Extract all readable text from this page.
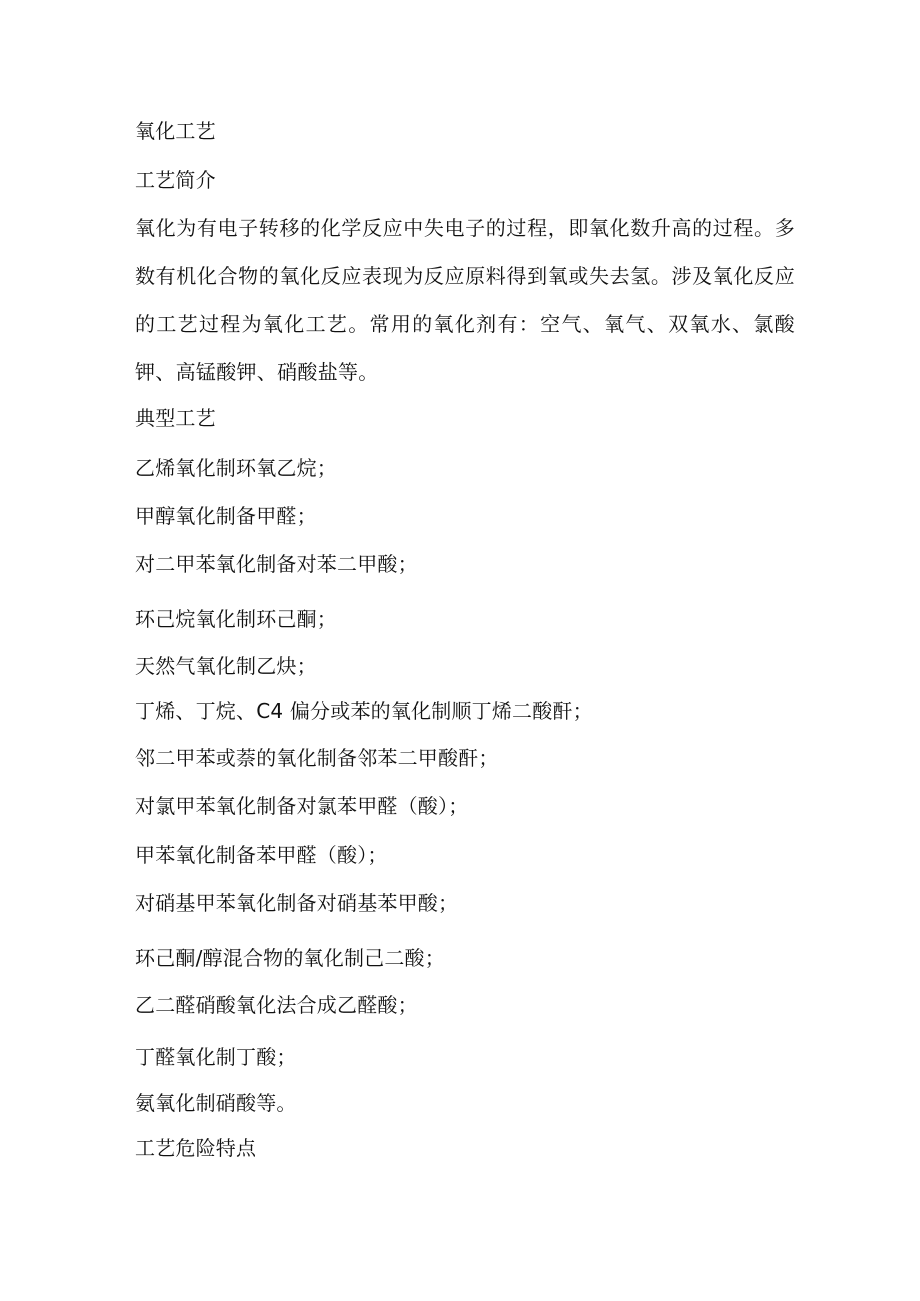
氧化工艺
工艺简介
氧化为有电子转移的化学反应中失电子的过程，即氧化数升高的过程。多数有机化合物的氧化反应表现为反应原料得到氧或失去氢。涉及氧化反应的工艺过程为氧化工艺。常用的氧化剂有：空气、氧气、双氧水、氯酸钾、高锰酸钾、硝酸盐等。
典型工艺
乙烯氧化制环氧乙烷；
甲醇氧化制备甲醛；
对二甲苯氧化制备对苯二甲酸；
环己烷氧化制环己酮；
天然气氧化制乙炔；
丁烯、丁烷、C4 偏分或苯的氧化制顺丁烯二酸酐；
邻二甲苯或萘的氧化制备邻苯二甲酸酐；
对氯甲苯氧化制备对氯苯甲醛（酸）；
甲苯氧化制备苯甲醛（酸）；
对硝基甲苯氧化制备对硝基苯甲酸；
环己酮/醇混合物的氧化制己二酸；
乙二醛硝酸氧化法合成乙醛酸；
丁醛氧化制丁酸；
氨氧化制硝酸等。
工艺危险特点
